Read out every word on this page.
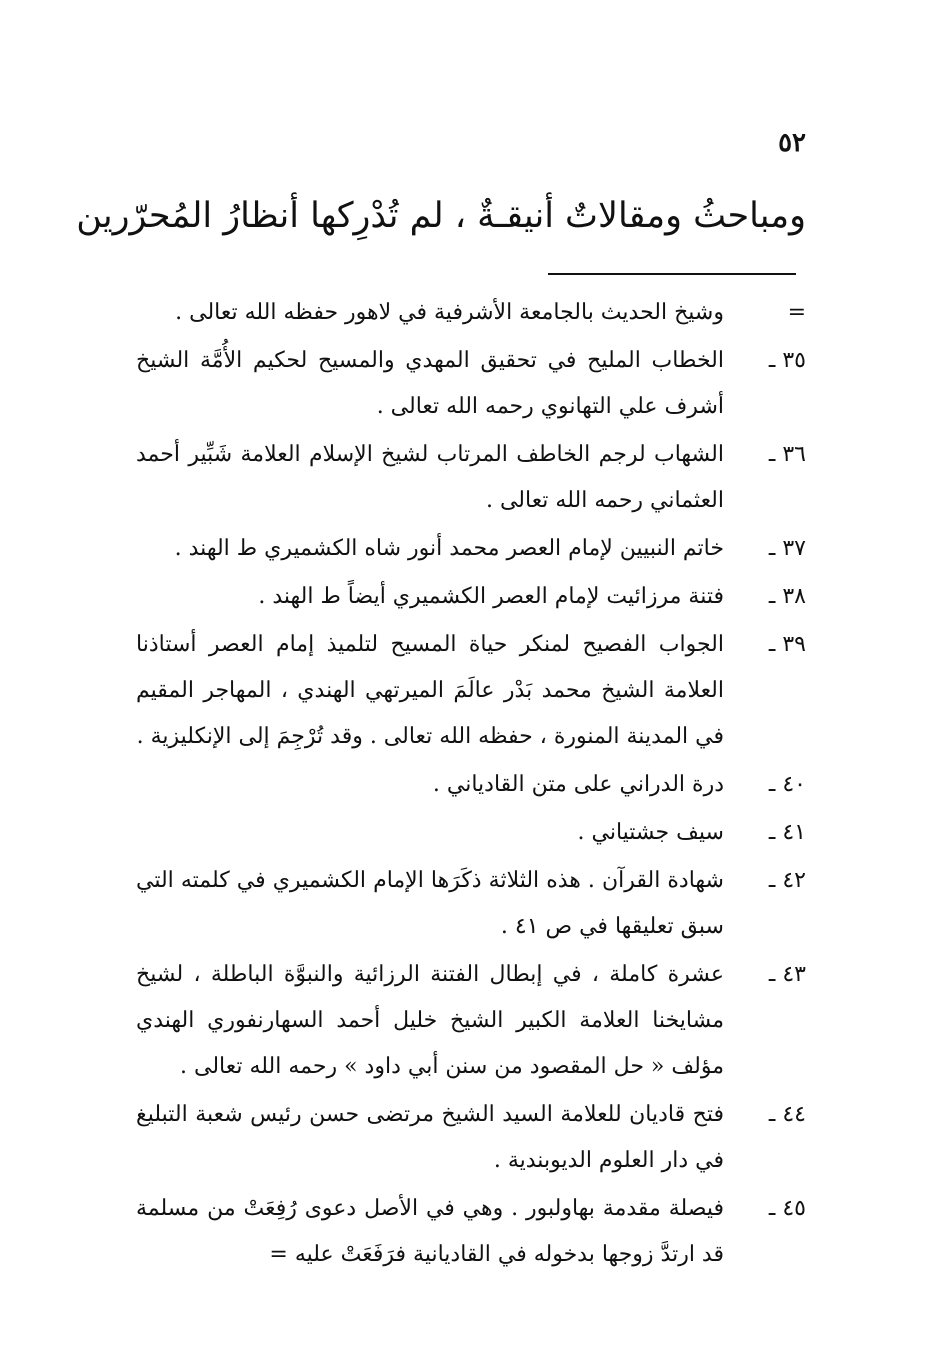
٥٢
ومباحثُ ومقالاتٌ أنيقـةٌ ، لم تُدْرِكها أنظارُ المُحرّرين
=
وشيخ الحديث بالجامعة الأشرفية في لاهور حفظه الله تعالى .
٣٥ ـ
الخطاب المليح في تحقيق المهدي والمسيح لحكيم الأُمَّة الشيخ أشرف علي التهانوي رحمه الله تعالى .
٣٦ ـ
الشهاب لرجم الخاطف المرتاب لشيخ الإسلام العلامة شَبِّير أحمد العثماني رحمه الله تعالى .
٣٧ ـ
خاتم النبيين لإمام العصر محمد أنور شاه الكشميري ط الهند .
٣٨ ـ
فتنة مرزائيت لإمام العصر الكشميري أيضاً ط الهند .
٣٩ ـ
الجواب الفصيح لمنكر حياة المسيح لتلميذ إمام العصر أستاذنا العلامة الشيخ محمد بَدْر عالَمَ الميرتهي الهندي ، المهاجر المقيم في المدينة المنورة ، حفظه الله تعالى . وقد تُرْجِمَ إلى الإنكليزية .
٤٠ ـ
درة الدراني على متن القادياني .
٤١ ـ
سيف جشتياني .
٤٢ ـ
شهادة القرآن . هذه الثلاثة ذكَرَها الإمام الكشميري في كلمته التي سبق تعليقها في ص ٤١ .
٤٣ ـ
عشرة كاملة ، في إبطال الفتنة الرزائية والنبوَّة الباطلة ، لشيخ مشايخنا العلامة الكبير الشيخ خليل أحمد السهارنفوري الهندي مؤلف « حل المقصود من سنن أبي داود » رحمه الله تعالى .
٤٤ ـ
فتح قاديان للعلامة السيد الشيخ مرتضى حسن رئيس شعبة التبليغ في دار العلوم الديوبندية .
٤٥ ـ
فيصلة مقدمة بهاولبور . وهي في الأصل دعوى رُفِعَتْ من مسلمة قد ارتدَّ زوجها بدخوله في القاديانية فرَفَعَتْ عليه =
